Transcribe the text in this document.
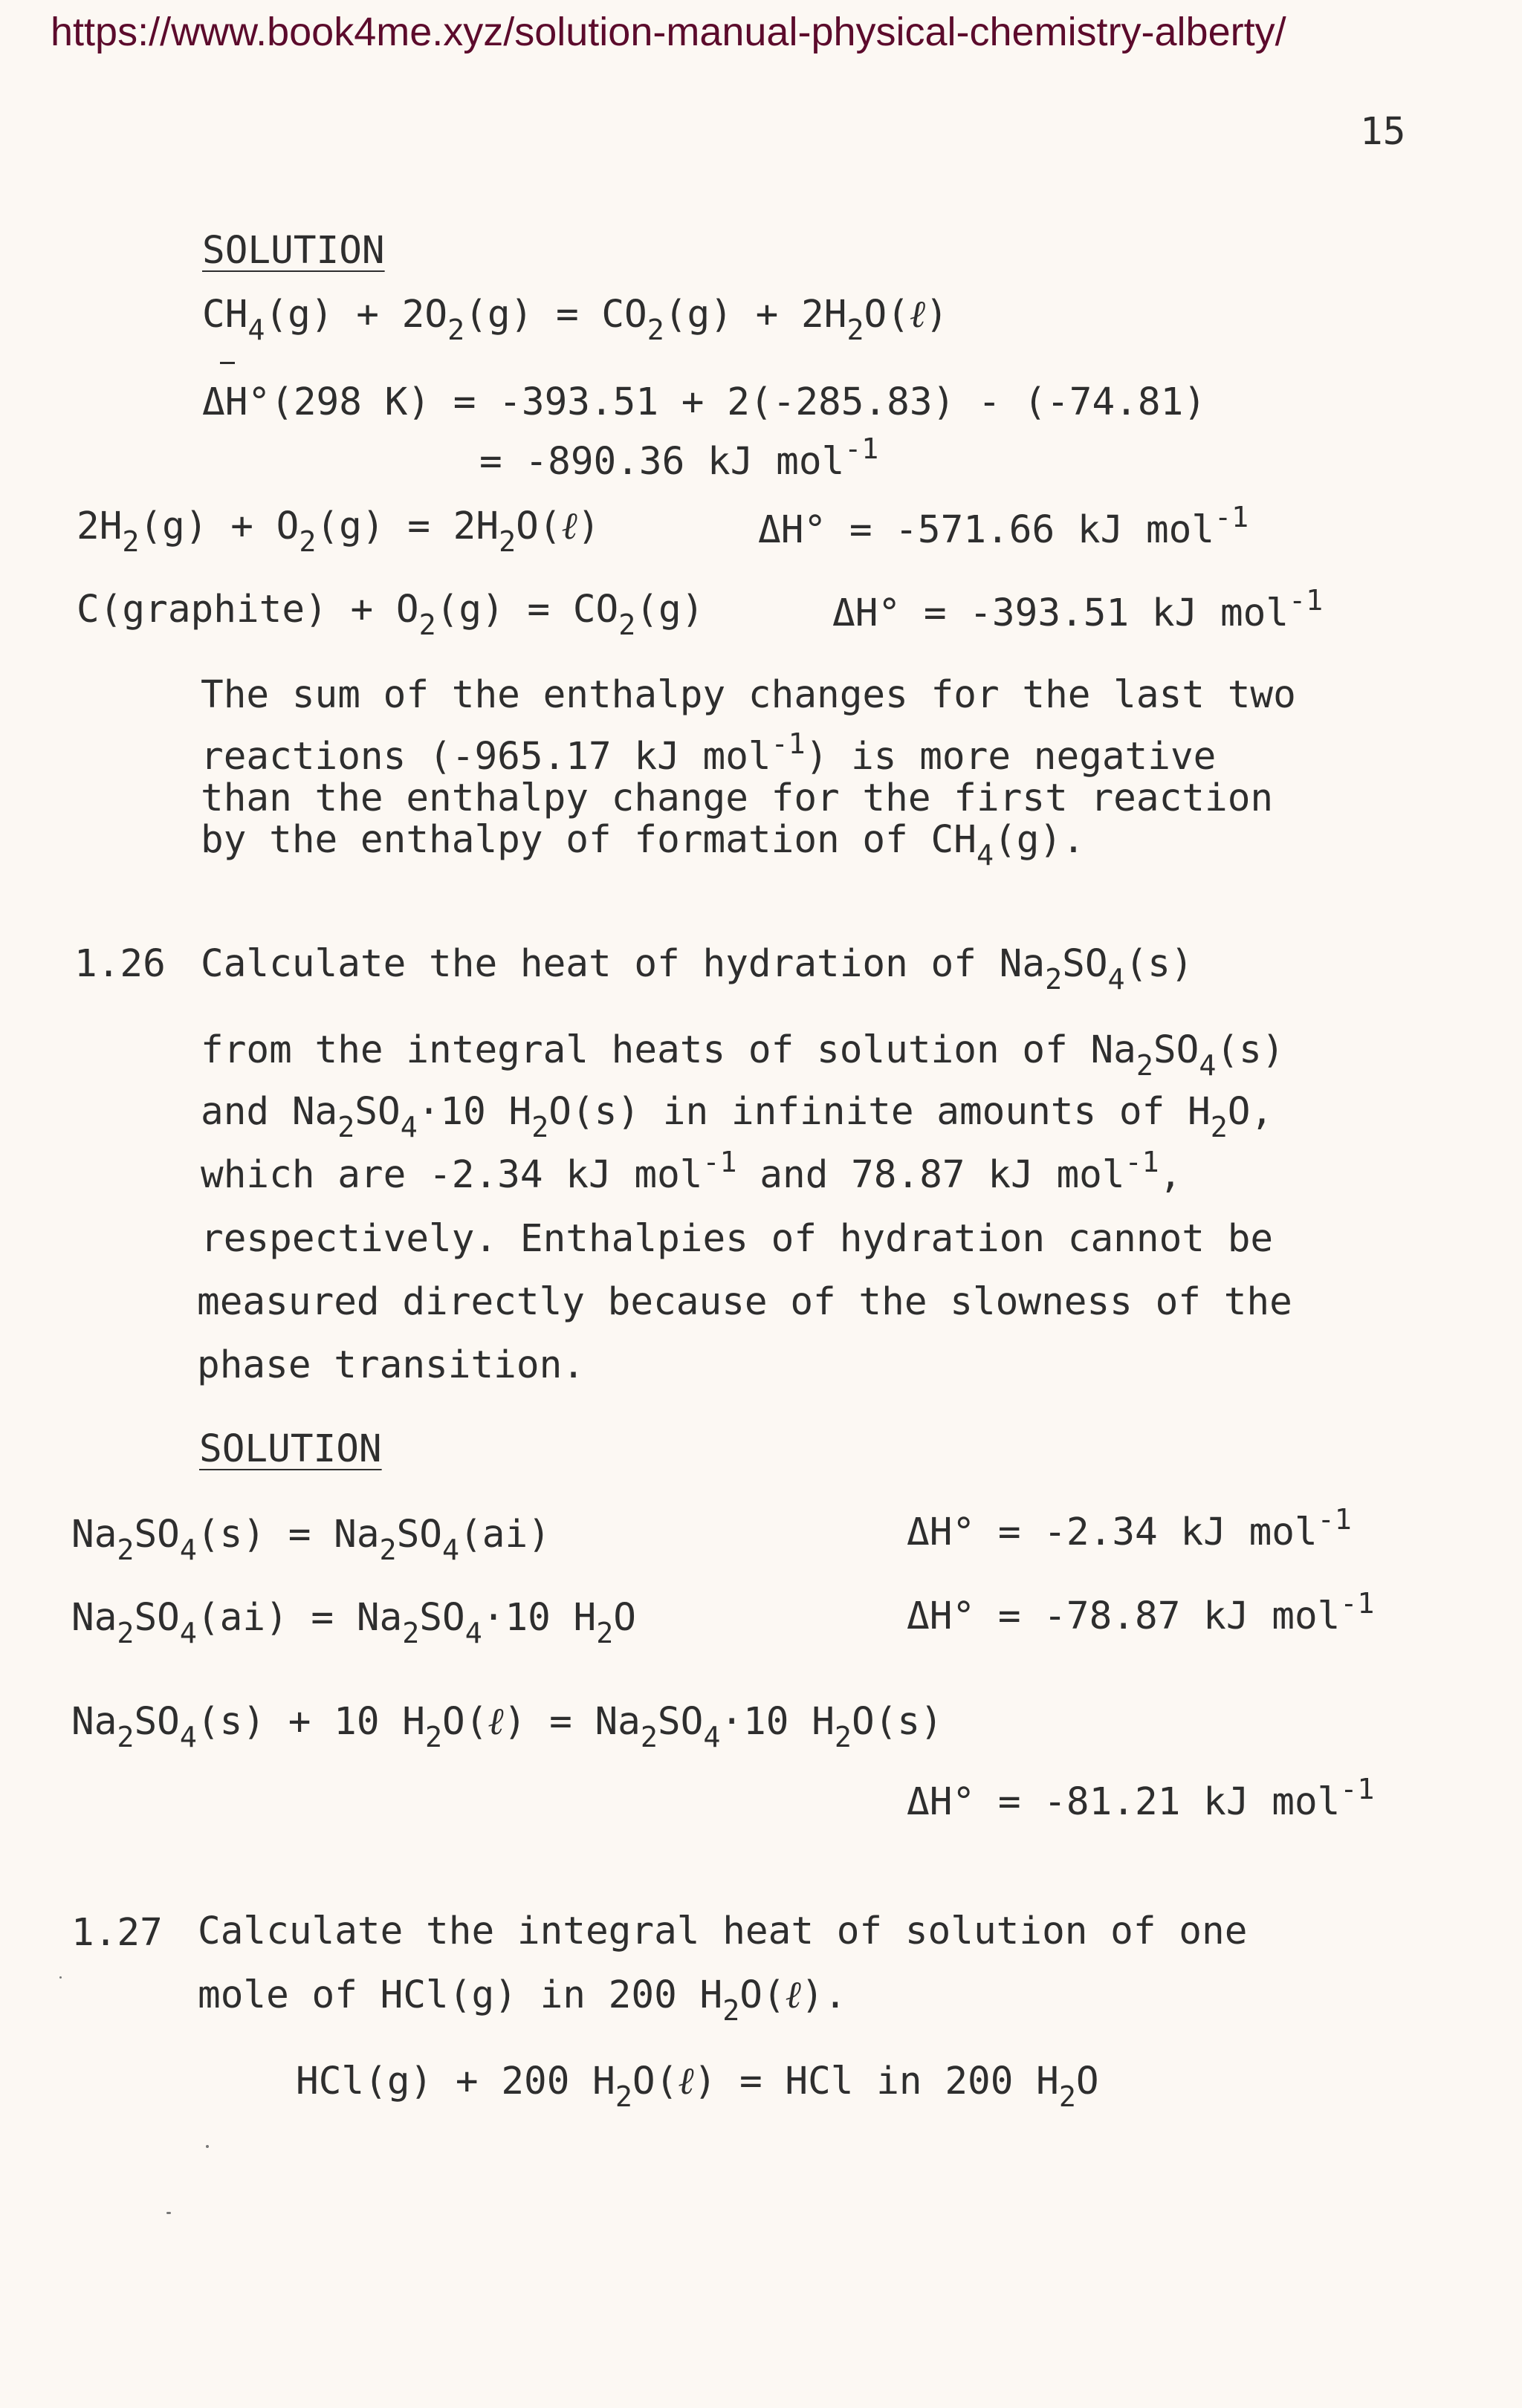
https://www.book4me.xyz/solution-manual-physical-chemistry-alberty/
15
SOLUTION
$CH_4(g) + 2O_2(g) = CO_2(g)$ + $2H_2O(\ell)$
ΔH°(298 K) = -393.51 + 2(-285.83) - (-74.81)
= -890.36 kJ mol$^{-1}$
$2H_2(g) + O_2(g)$ = $2H_2O(\ell)$	ΔH° = -571.66 kJ mol$^{-1}$
C(graphite) + $O_2(g) = CO_2(g)$	ΔH° = -393.51 kJ mol$^{-1}$
The sum of the enthalpy changes for the last two
reactions (-965.17 kJ mol$^{-1}$) is more negative
than the enthalpy change for the first reaction
by the enthalpy of formation of $CH_4(g)$.
1.26 Calculate the heat of hydration of $Na_2SO_4(s)$
from the integral heats of solution of $Na_2SO_4(s)$
and $Na_2SO_4\cdot 10$ $H_2O(s)$ in infinite amounts of $H_2O$,
which are -2.34 kJ mol$^{-1}$ and 78.87 kJ mol$^{-1}$,
respectively. Enthalpies of hydration cannot be
measured directly because of the slowness of the
phase transition.
SOLUTION
$Na_2SO_4(s) = Na_2SO_4(ai)$	ΔH° = -2.34 kJ mol$^{-1}$
$Na_2SO_4(ai) = Na_2SO_4\cdot 10$ $H_2O$	ΔH° = -78.87 kJ mol$^{-1}$
$Na_2SO_4(s) + 10$ $H_2O(\ell) = Na_2SO_4\cdot 10$ $H_2O(s)$
ΔH° = -81.21 kJ mol$^{-1}$
1.27 Calculate the integral heat of solution of one
mole of HCl(g) in 200 $H_2O(\ell)$.
HCl(g) + 200 $H_2O(\ell)$ = HCl in 200 $H_2O$
